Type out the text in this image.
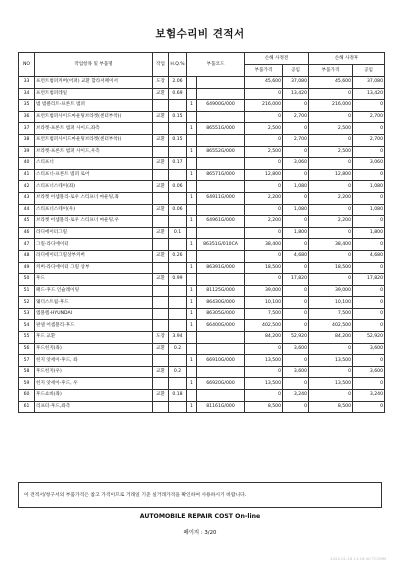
보험수리비 견적서
NO	작업항목 및 부품명	작업	H.Q.%	부품코드		손해 사정전		손해 사정후	
						부품가격	공임	부품가격	공임
33	프런트범퍼커버(어퍼) 교환 합라서페이서	도장	2.06			45,600	37,080	45,600	37,080
34	프런트범퍼레일	교환	0.69			0	13,420	0	13,420
35	범 범클리트-프론트 범퍼			1	64900G/000	216,000	0	216,000	0
36	프런트범퍼사이드마운팅브라켓(센터부착)(	교환	0.15			0	2,700	0	2,700
37	브라켓-프론트 범퍼 사이드,좌측			1	86551G/000	2,500	0	2,500	0
38	프런트범퍼사이드마운팅브라켓(센터부착)(	교환	0.15			0	2,700	0	2,700
39	브라켓-프론트 범퍼 사이드,우측			1	86552G/000	2,500	0	2,500	0
40	스티프너	교환	0.17			0	3,060	0	3,060
41	스티프너-프론트 범퍼 로어			1	86571G/000	12,800	0	12,800	0
42	스티프너스테이(좌)	교환	0.06			0	1,080	0	1,080
43	브라켓 어셈블리-로우 스티프너 마운팅,좌			1	64911G/000	2,200	0	2,200	0
44	스티프너스테이(우)	교환	0.06			0	1,080	0	1,080
45	브라켓 어셈블리-로우 스티프너 마운팅,우			1	64961G/000	2,200	0	2,200	0
46	라디에이터그릴	교환	0.1			0	1,800	0	1,800
47	그릴-라디에이터			1	86351G/010CA	38,400	0	38,400	0
48	라디에이터그릴상부커버	교환	0.26			0	4,680	0	4,680
49	커버-라디에이터 그릴 상부			1	86391G/000	18,500	0	18,500	0
50	후드	교환	0.99			0	17,820	0	17,820
51	패드-후드 인슐레이팅			1	81125G/000	39,000	0	39,000	0
52	웨더스트립-후드			1	86430G/000	10,100	0	10,100	0
53	엠블렘-HYUNDAI			1	86305G/000	7,500	0	7,500	0
54	판넬 어셈블리-후드			1	66400G/000	402,500	0	402,500	0
55	후드 교환	도장	3.94			84,200	52,920	84,200	52,920
56	후드힌지(좌)	교환	0.2			0	3,600	0	3,600
57	힌지 앗세이-후드, 좌			1	66910G/000	13,500	0	13,500	0
58	후드힌지(우)	교환	0.2			0	3,600	0	3,600
59	힌지 앗세이-후드, 우			1	66920G/000	13,500	0	13,500	0
60	후드쇼바(좌)	교환	0.18			0	3,240	0	3,240
61	리프터-후드,좌측			1	81161G/000	8,500	0	8,500	0
이 견적서/청구서의 부품가격은 참고 가격이므로 거래일 기준 실거래가격을 확인하여 사용하시기 바랍니다.
AUTOMOBILE REPAIR COST On-line
페이지 : 3/20
2024-01-18 11:16:40 TCOMM
